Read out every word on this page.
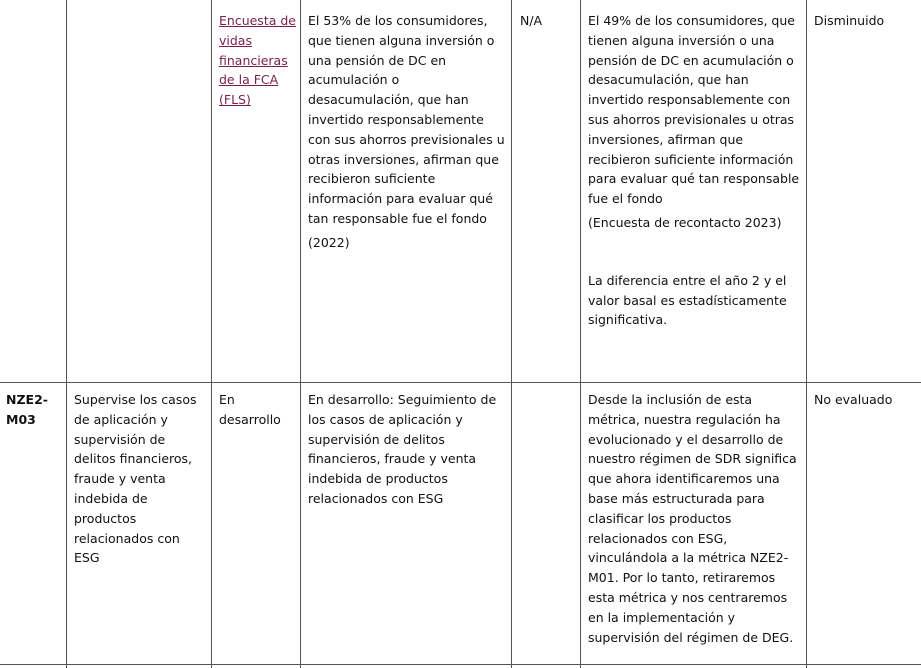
Encuesta de vidas financieras de la FCA (FLS)

El 53% de los consumidores, que tienen alguna inversión o una pensión de DC en acumulación o desacumulación, que han invertido responsablemente con sus ahorros previsionales u otras inversiones, afirman que recibieron suficiente información para evaluar qué tan responsable fue el fondo

(2022)

N/A	El 49% de los consumidores, que tienen alguna inversión o una pensión de DC en acumulación o desacumulación, que han invertido responsablemente con sus ahorros previsionales u otras inversiones, afirman que recibieron suficiente información para evaluar qué tan responsable fue el fondo

(Encuesta de recontacto 2023)

La diferencia entre el año 2 y el valor basal es estadísticamente significativa.

Disminuido
NZE2-M03
Supervise los casos de aplicación y supervisión de delitos financieros, fraude y venta indebida de productos relacionados con ESG
En desarrollo
En desarrollo: Seguimiento de los casos de aplicación y supervisión de delitos financieros, fraude y venta indebida de productos relacionados con ESG
Desde la inclusión de esta métrica, nuestra regulación ha evolucionado y el desarrollo de nuestro régimen de SDR significa que ahora identificaremos una base más estructurada para clasificar los productos relacionados con ESG, vinculándola a la métrica NZE2-M01. Por lo tanto, retiraremos esta métrica y nos centraremos en la implementación y supervisión del régimen de DEG.
No evaluado
